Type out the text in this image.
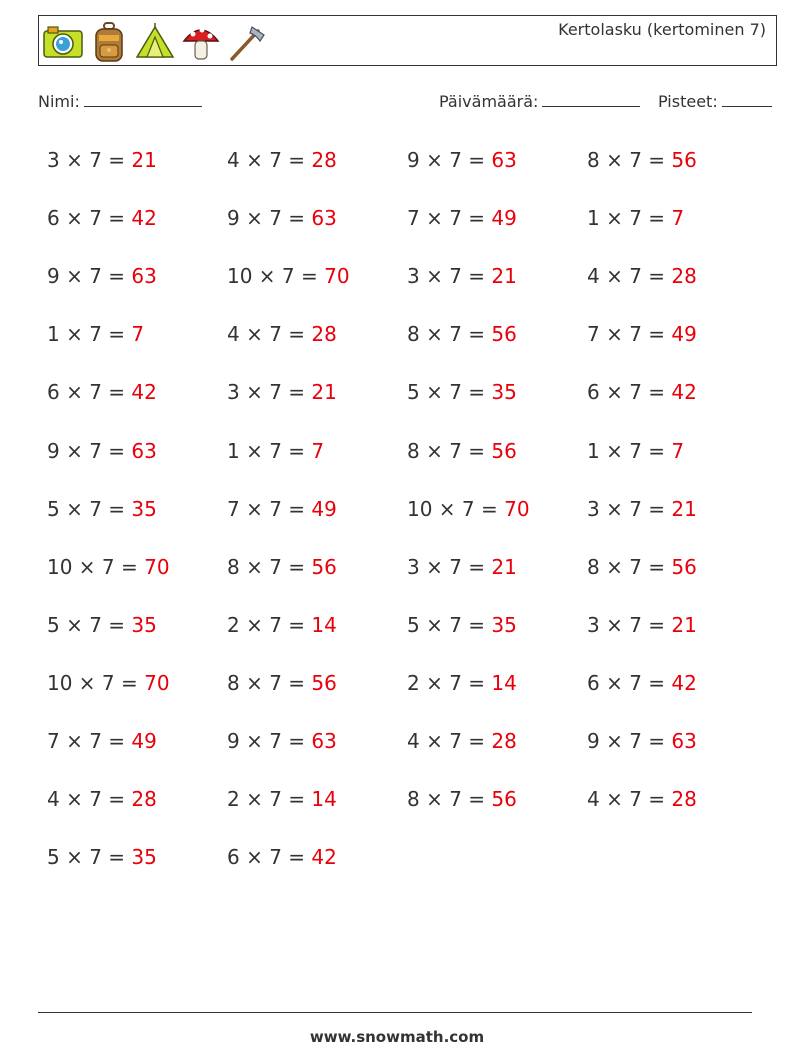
Kertolasku (kertominen 7)
Nimi:	Päivämäärä:	Pisteet:
3 × 7 = 21	4 × 7 = 28	9 × 7 = 63	8 × 7 = 56
6 × 7 = 42	9 × 7 = 63	7 × 7 = 49	1 × 7 = 7
9 × 7 = 63	10 × 7 = 70	3 × 7 = 21	4 × 7 = 28
1 × 7 = 7	4 × 7 = 28	8 × 7 = 56	7 × 7 = 49
6 × 7 = 42	3 × 7 = 21	5 × 7 = 35	6 × 7 = 42
9 × 7 = 63	1 × 7 = 7	8 × 7 = 56	1 × 7 = 7
5 × 7 = 35	7 × 7 = 49	10 × 7 = 70	3 × 7 = 21
10 × 7 = 70	8 × 7 = 56	3 × 7 = 21	8 × 7 = 56
5 × 7 = 35	2 × 7 = 14	5 × 7 = 35	3 × 7 = 21
10 × 7 = 70	8 × 7 = 56	2 × 7 = 14	6 × 7 = 42
7 × 7 = 49	9 × 7 = 63	4 × 7 = 28	9 × 7 = 63
4 × 7 = 28	2 × 7 = 14	8 × 7 = 56	4 × 7 = 28
5 × 7 = 35	6 × 7 = 42
www.snowmath.com
